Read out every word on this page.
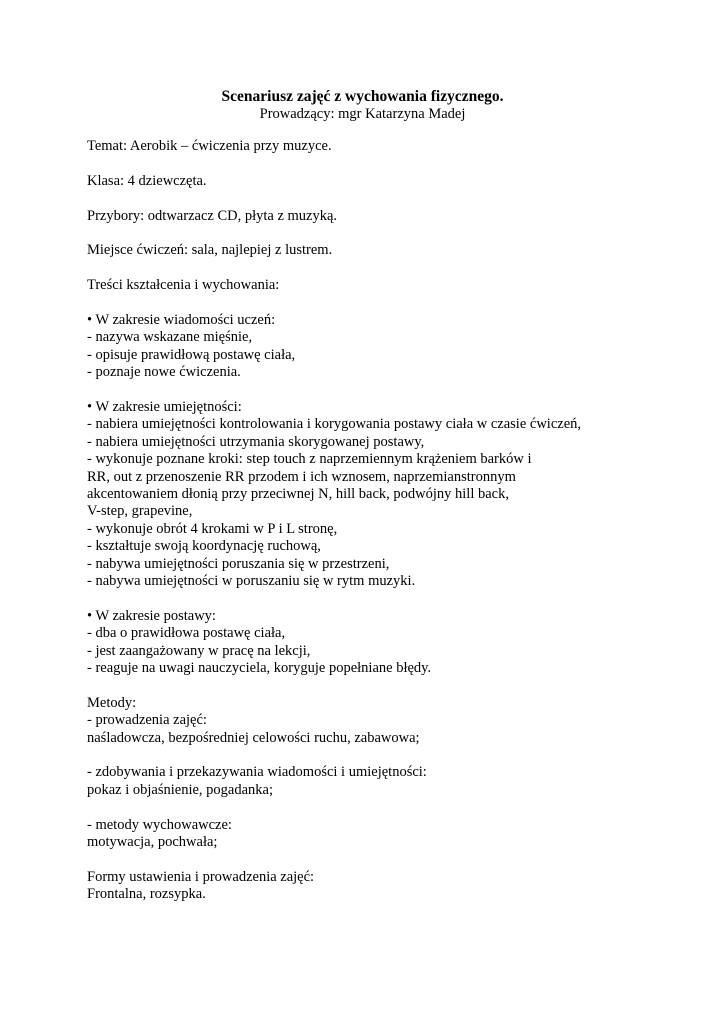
Scenariusz zajęć z wychowania fizycznego.

Prowadzący: mgr Katarzyna Madej

Temat: Aerobik – ćwiczenia przy muzyce.

Klasa: 4 dziewczęta.

Przybory: odtwarzacz CD, płyta z muzyką.

Miejsce ćwiczeń: sala, najlepiej z lustrem.

Treści kształcenia i wychowania:

• W zakresie wiadomości uczeń:

- nazywa wskazane mięśnie,

- opisuje prawidłową postawę ciała,

- poznaje nowe ćwiczenia.

• W zakresie umiejętności:

- nabiera umiejętności kontrolowania i korygowania postawy ciała w czasie ćwiczeń,

- nabiera umiejętności utrzymania skorygowanej postawy,

- wykonuje poznane kroki: step touch z naprzemiennym krążeniem barków i

RR, out z przenoszenie RR przodem i ich wznosem, naprzemianstronnym

akcentowaniem dłonią przy przeciwnej N, hill back, podwójny hill back,

V-step, grapevine,

- wykonuje obrót 4 krokami w P i L stronę,

- kształtuje swoją koordynację ruchową,

- nabywa umiejętności poruszania się w przestrzeni,

- nabywa umiejętności w poruszaniu się w rytm muzyki.

• W zakresie postawy:

- dba o prawidłowa postawę ciała,

- jest zaangażowany w pracę na lekcji,

- reaguje na uwagi nauczyciela, koryguje popełniane błędy.

Metody:

- prowadzenia zajęć:

naśladowcza, bezpośredniej celowości ruchu, zabawowa;

- zdobywania i przekazywania wiadomości i umiejętności:

pokaz i objaśnienie, pogadanka;

- metody wychowawcze:

motywacja, pochwała;

Formy ustawienia i prowadzenia zajęć:

Frontalna, rozsypka.
